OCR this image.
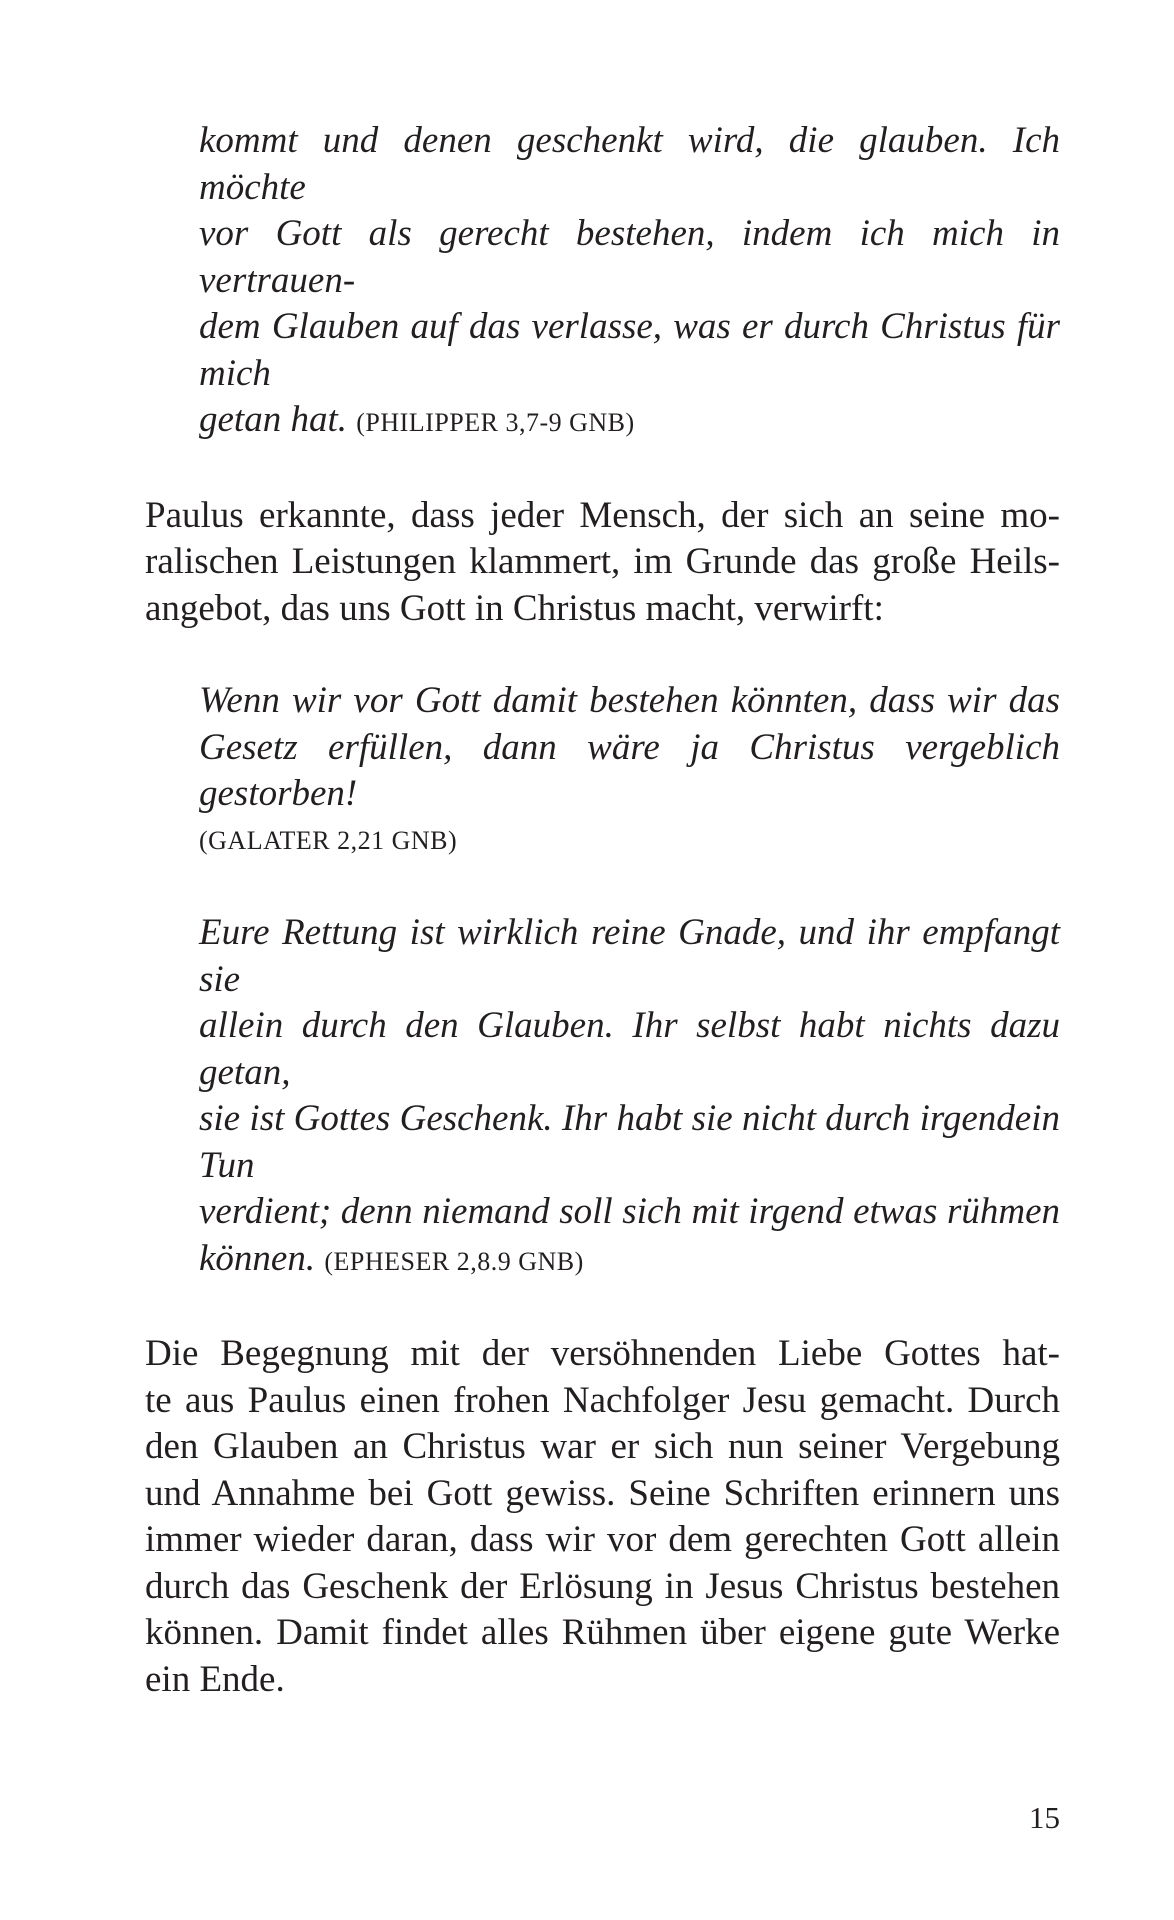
kommt und denen geschenkt wird, die glauben. Ich möchte
vor Gott als gerecht bestehen, indem ich mich in vertrauen-
dem Glauben auf das verlasse, was er durch Christus für mich
getan hat. (PHILIPPER 3,7-9 GNB)
Paulus erkannte, dass jeder Mensch, der sich an seine mo-
ralischen Leistungen klammert, im Grunde das große Heils-
angebot, das uns Gott in Christus macht, verwirft:
Wenn wir vor Gott damit bestehen könnten, dass wir das
Gesetz erfüllen, dann wäre ja Christus vergeblich gestorben!
(GALATER 2,21 GNB)
Eure Rettung ist wirklich reine Gnade, und ihr empfangt sie
allein durch den Glauben. Ihr selbst habt nichts dazu getan,
sie ist Gottes Geschenk. Ihr habt sie nicht durch irgendein Tun
verdient; denn niemand soll sich mit irgend etwas rühmen
können. (EPHESER 2,8.9 GNB)
Die Begegnung mit der versöhnenden Liebe Gottes hat-
te aus Paulus einen frohen Nachfolger Jesu gemacht. Durch
den Glauben an Christus war er sich nun seiner Vergebung
und Annahme bei Gott gewiss. Seine Schriften erinnern uns
immer wieder daran, dass wir vor dem gerechten Gott allein
durch das Geschenk der Erlösung in Jesus Christus bestehen
können. Damit findet alles Rühmen über eigene gute Werke
ein Ende.
15
